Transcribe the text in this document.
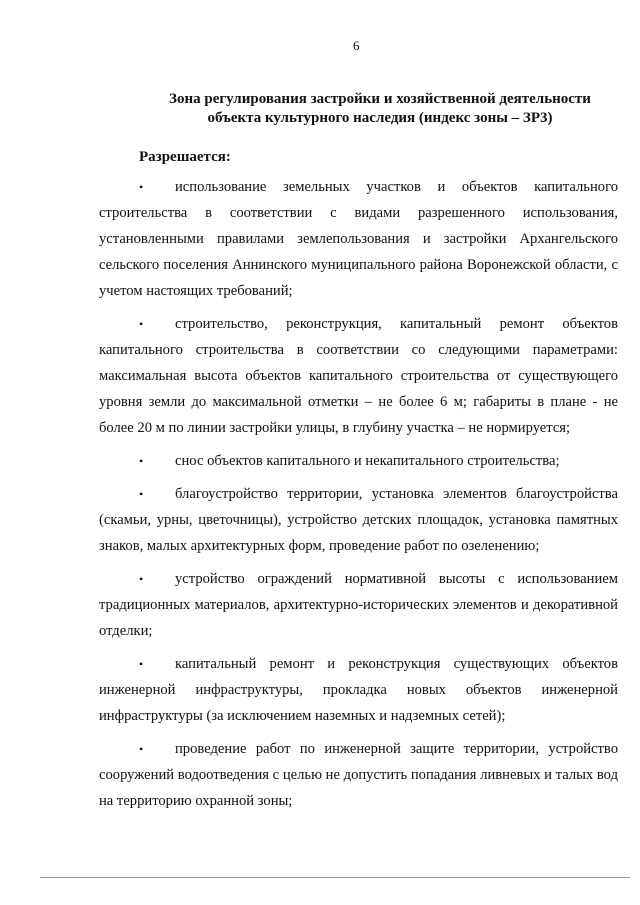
6
Зона регулирования застройки и хозяйственной деятельности
объекта культурного наследия (индекс зоны – ЗР3)
Разрешается:

• использование земельных участков и объектов капитального строительства в соответствии с видами разрешенного использования, установленными правилами землепользования и застройки Архангельского сельского поселения Аннинского муниципального района Воронежской области, с учетом настоящих требований;

• строительство, реконструкция, капитальный ремонт объектов капитального строительства в соответствии со следующими параметрами: максимальная высота объектов капитального строительства от существующего уровня земли до максимальной отметки – не более 6 м; габариты в плане - не более 20 м по линии застройки улицы, в глубину участка – не нормируется;

• снос объектов капитального и некапитального строительства;

• благоустройство территории, установка элементов благоустройства (скамьи, урны, цветочницы), устройство детских площадок, установка памятных знаков, малых архитектурных форм, проведение работ по озеленению;

• устройство ограждений нормативной высоты с использованием традиционных материалов, архитектурно-исторических элементов и декоративной отделки;

• капитальный ремонт и реконструкция существующих объектов инженерной инфраструктуры, прокладка новых объектов инженерной инфраструктуры (за исключением наземных и надземных сетей);

• проведение работ по инженерной защите территории, устройство сооружений водоотведения с целью не допустить попадания ливневых и талых вод на территорию охранной зоны;
